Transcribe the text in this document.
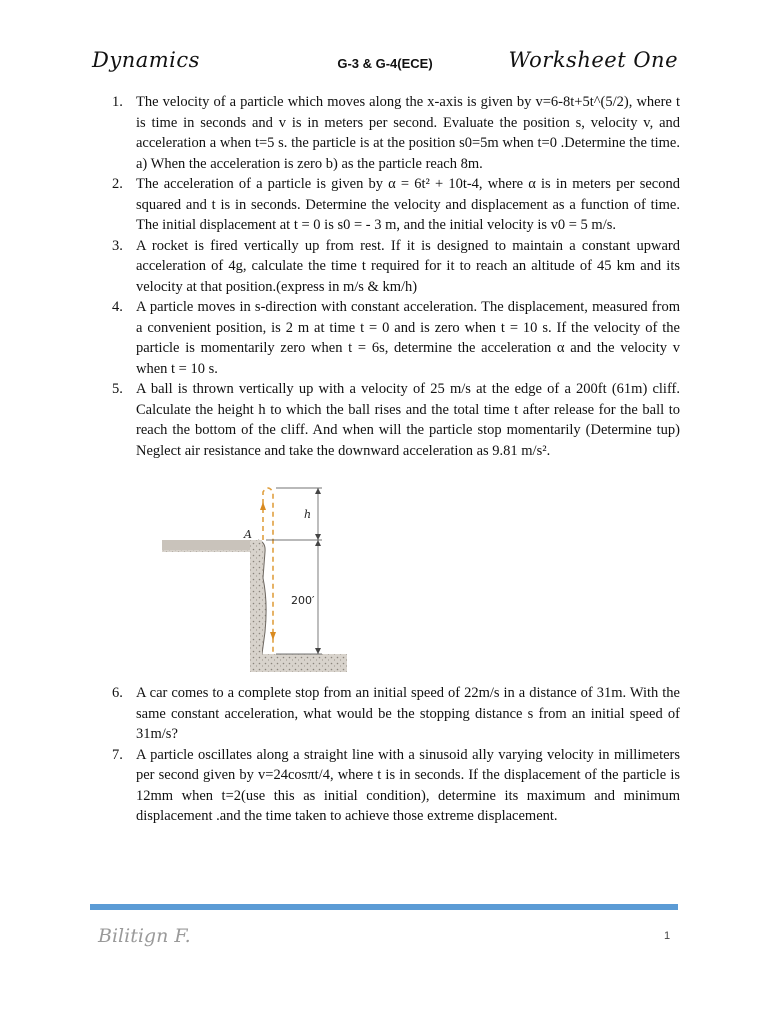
Dynamics	G-3 & G-4(ECE)	Worksheet One
1. The velocity of a particle which moves along the x-axis is given by v=6-8t+5t^(5/2), where t is time in seconds and v is in meters per second. Evaluate the position s, velocity v, and acceleration a when t=5 s. the particle is at the position s0=5m when t=0 .Determine the time. a) When the acceleration is zero b) as the particle reach 8m.
2. The acceleration of a particle is given by α = 6t² + 10t-4, where α is in meters per second squared and t is in seconds. Determine the velocity and displacement as a function of time. The initial displacement at t = 0 is s0 = - 3 m, and the initial velocity is v0 = 5 m/s.
3. A rocket is fired vertically up from rest. If it is designed to maintain a constant upward acceleration of 4g, calculate the time t required for it to reach an altitude of 45 km and its velocity at that position.(express in m/s & km/h)
4. A particle moves in s-direction with constant acceleration. The displacement, measured from a convenient position, is 2 m at time t = 0 and is zero when t = 10 s. If the velocity of the particle is momentarily zero when t = 6s, determine the acceleration α and the velocity v when t = 10 s.
5. A ball is thrown vertically up with a velocity of 25 m/s at the edge of a 200ft (61m) cliff. Calculate the height h to which the ball rises and the total time t after release for the ball to reach the bottom of the cliff. And when will the particle stop momentarily (Determine tup) Neglect air resistance and take the downward acceleration as 9.81 m/s².
h
A
200′
6. A car comes to a complete stop from an initial speed of 22m/s in a distance of 31m. With the same constant acceleration, what would be the stopping distance s from an initial speed of 31m/s?
7. A particle oscillates along a straight line with a sinusoid ally varying velocity in millimeters per second given by v=24cosπt/4, where t is in seconds. If the displacement of the particle is 12mm when t=2(use this as initial condition), determine its maximum and minimum displacement .and the time taken to achieve those extreme displacement.
Bilitign F.	1
